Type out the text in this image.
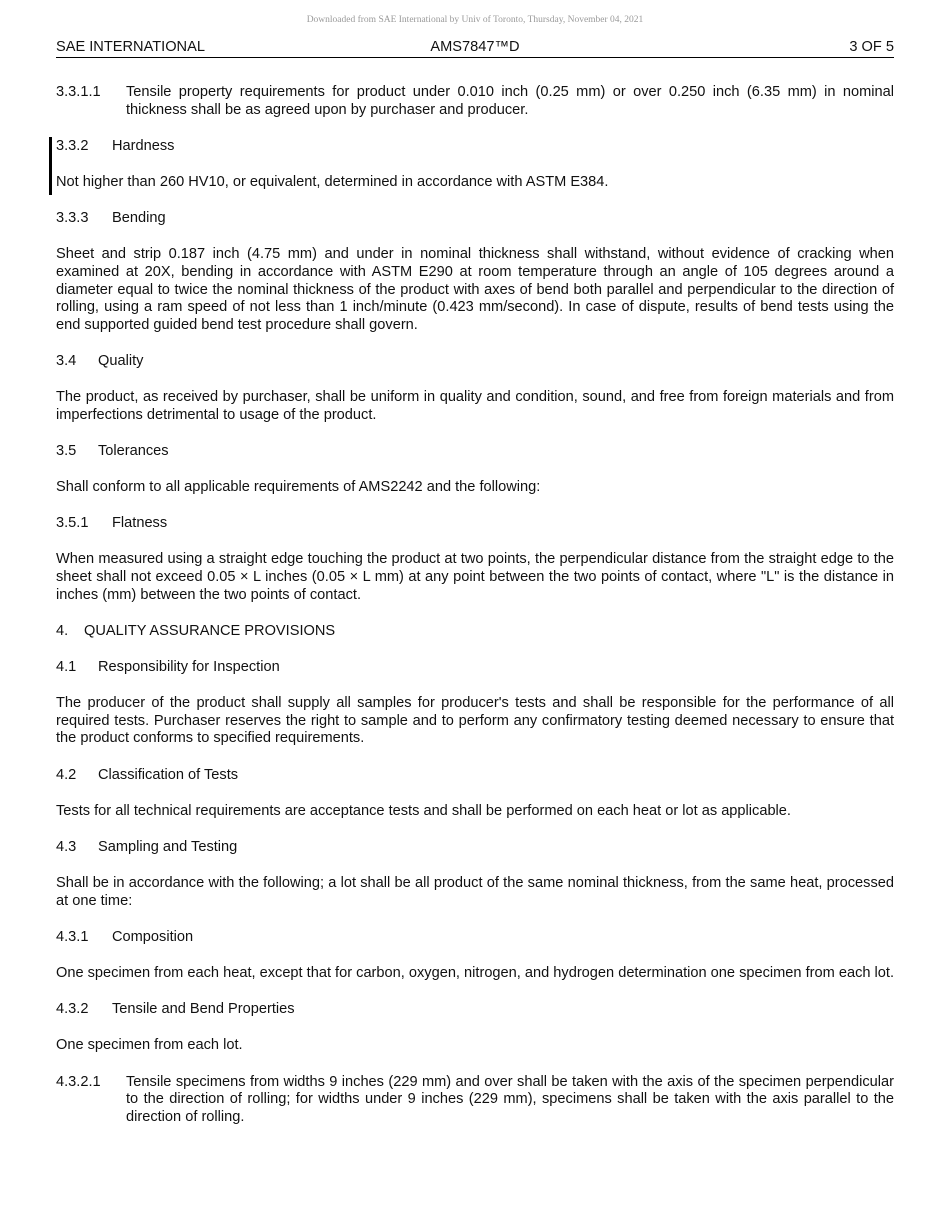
Downloaded from SAE International by Univ of Toronto, Thursday, November 04, 2021
SAE INTERNATIONAL	AMS7847™D	3 OF 5
3.3.1.1	Tensile property requirements for product under 0.010 inch (0.25 mm) or over 0.250 inch (6.35 mm) in nominal thickness shall be as agreed upon by purchaser and producer.
3.3.2 Hardness

Not higher than 260 HV10, or equivalent, determined in accordance with ASTM E384.

3.3.3 Bending

Sheet and strip 0.187 inch (4.75 mm) and under in nominal thickness shall withstand, without evidence of cracking when examined at 20X, bending in accordance with ASTM E290 at room temperature through an angle of 105 degrees around a diameter equal to twice the nominal thickness of the product with axes of bend both parallel and perpendicular to the direction of rolling, using a ram speed of not less than 1 inch/minute (0.423 mm/second). In case of dispute, results of bend tests using the end supported guided bend test procedure shall govern.

3.4 Quality

The product, as received by purchaser, shall be uniform in quality and condition, sound, and free from foreign materials and from imperfections detrimental to usage of the product.

3.5 Tolerances

Shall conform to all applicable requirements of AMS2242 and the following:

3.5.1 Flatness

When measured using a straight edge touching the product at two points, the perpendicular distance from the straight edge to the sheet shall not exceed 0.05 × L inches (0.05 × L mm) at any point between the two points of contact, where "L" is the distance in inches (mm) between the two points of contact.

4. QUALITY ASSURANCE PROVISIONS
4.1 Responsibility for Inspection

The producer of the product shall supply all samples for producer's tests and shall be responsible for the performance of all required tests. Purchaser reserves the right to sample and to perform any confirmatory testing deemed necessary to ensure that the product conforms to specified requirements.

4.2 Classification of Tests

Tests for all technical requirements are acceptance tests and shall be performed on each heat or lot as applicable.

4.3 Sampling and Testing

Shall be in accordance with the following; a lot shall be all product of the same nominal thickness, from the same heat, processed at one time:

4.3.1 Composition

One specimen from each heat, except that for carbon, oxygen, nitrogen, and hydrogen determination one specimen from each lot.

4.3.2 Tensile and Bend Properties

One specimen from each lot.

4.3.2.1	Tensile specimens from widths 9 inches (229 mm) and over shall be taken with the axis of the specimen perpendicular to the direction of rolling; for widths under 9 inches (229 mm), specimens shall be taken with the axis parallel to the direction of rolling.
